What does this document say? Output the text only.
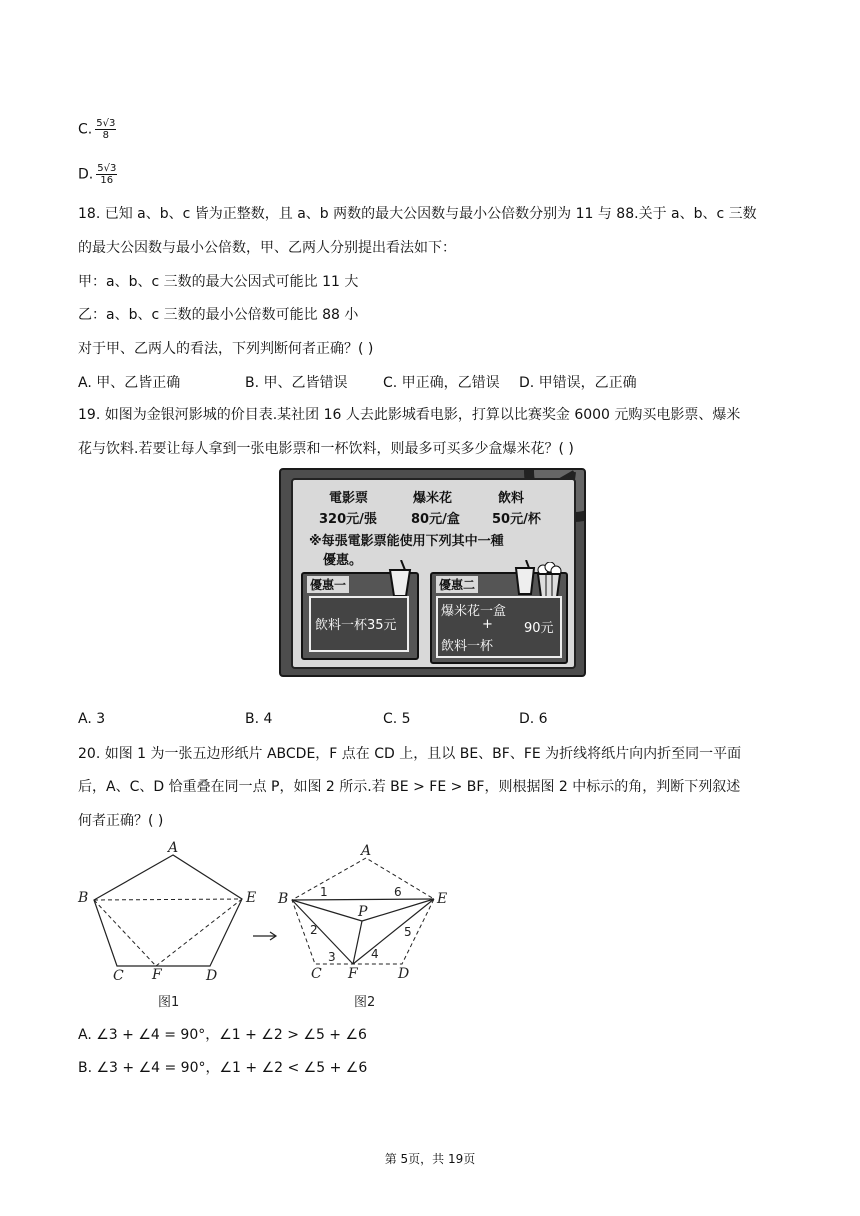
C. $\frac{5√3}{8}$
D. $\frac{5√3}{16}$
18. 已知 a、b、c 皆为正整数，且 a、b 两数的最大公因数与最小公倍数分别为 11 与 88.关于 a、b、c 三数
的最大公因数与最小公倍数，甲、乙两人分别提出看法如下：
甲：a、b、c 三数的最大公因式可能比 11 大
乙：a、b、c 三数的最小公倍数可能比 88 小
对于甲、乙两人的看法，下列判断何者正确？( )
A. 甲、乙皆正确	B. 甲、乙皆错误	C. 甲正确，乙错误 D. 甲错误，乙正确
19. 如图为金银河影城的价目表.某社团 16 人去此影城看电影，打算以比赛奖金 6000 元购买电影票、爆米
花与饮料.若要让每人拿到一张电影票和一杯饮料，则最多可买多少盒爆米花？( )
電影票	爆米花	飲料
320元/張	80元/盒 50元/杯
※每張電影票能使用下列其中一種
優惠。
優惠一
飲料一杯35元
優惠二
爆米花一盒
+ 90元
飲料一杯
A. 3	B. 4	C. 5	D. 6
20. 如图 1 为一张五边形纸片 ABCDE，F 点在 CD 上，且以 BE、BF、FE 为折线将纸片向内折至同一平面
后，A、C、D 恰重叠在同一点 P，如图 2 所示.若 BE > FE > BF，则根据图 2 中标示的角，判断下列叙述
何者正确？( )
A
B	E
C F	D
图1
A
B	E
C F	D
P
1
2
3	4
5
6
图2
A. ∠3 + ∠4 = 90°，∠1 + ∠2 > ∠5 + ∠6
B. ∠3 + ∠4 = 90°，∠1 + ∠2 < ∠5 + ∠6
第 5页，共 19页
